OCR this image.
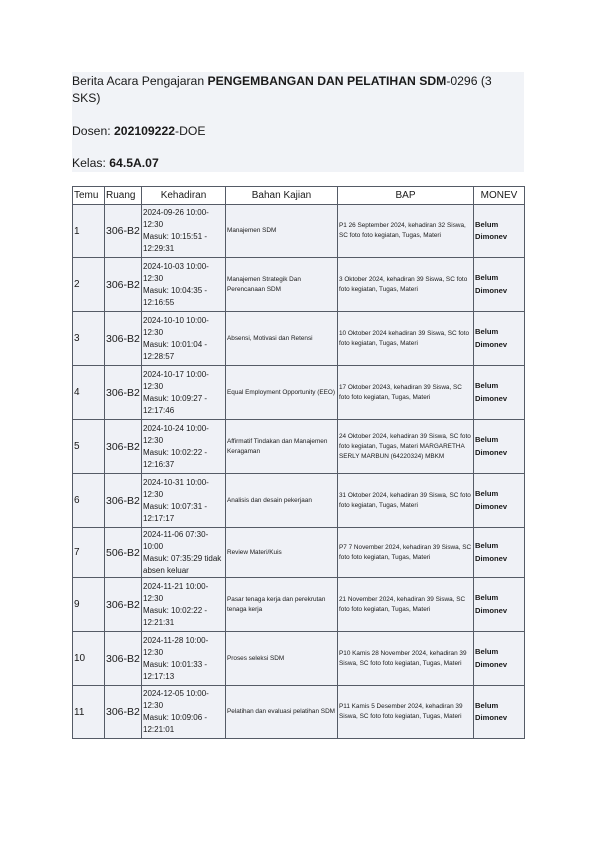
Berita Acara Pengajaran PENGEMBANGAN DAN PELATIHAN SDM-0296 (3 SKS)
Dosen: 202109222-DOE
Kelas: 64.5A.07
Temu	Ruang	Kehadiran	Bahan Kajian	BAP	MONEV
1	306-B2	2024-09-26 10:00-12:30
Masuk: 10:15:51 - 12:29:31	Manajemen SDM	P1 26 September 2024, kehadiran 32 Siswa, SC foto foto kegiatan, Tugas, Materi	Belum Dimonev
2	306-B2	2024-10-03 10:00-12:30
Masuk: 10:04:35 - 12:16:55	Manajemen Strategik Dan Perencanaan SDM	3 Oktober 2024, kehadiran 39 Siswa, SC foto foto kegiatan, Tugas, Materi	Belum Dimonev
3	306-B2	2024-10-10 10:00-12:30
Masuk: 10:01:04 - 12:28:57	Absensi, Motivasi dan Retensi	10 Oktober 2024 kehadiran 39 Siswa, SC foto foto kegiatan, Tugas, Materi	Belum Dimonev
4	306-B2	2024-10-17 10:00-12:30
Masuk: 10:09:27 - 12:17:46	Equal Employment Opportunity (EEO)	17 Oktober 20243, kehadiran 39 Siswa, SC foto foto kegiatan, Tugas, Materi	Belum Dimonev
5	306-B2	2024-10-24 10:00-12:30
Masuk: 10:02:22 - 12:16:37	Affirmatif Tindakan dan Manajemen Keragaman	24 Oktober 2024, kehadiran 39 Siswa, SC foto foto kegiatan, Tugas, Materi MARGARETHA SERLY MARBUN (64220324) MBKM	Belum Dimonev
6	306-B2	2024-10-31 10:00-12:30
Masuk: 10:07:31 - 12:17:17	Analisis dan desain pekerjaan	31 Oktober 2024, kehadiran 39 Siswa, SC foto foto kegiatan, Tugas, Materi	Belum Dimonev
7	506-B2	2024-11-06 07:30-10:00
Masuk: 07:35:29 tidak absen keluar	Review Materi/Kuis	P7 7 November 2024, kehadiran 39 Siswa, SC foto foto kegiatan, Tugas, Materi	Belum Dimonev
9	306-B2	2024-11-21 10:00-12:30
Masuk: 10:02:22 - 12:21:31	Pasar tenaga kerja dan perekrutan tenaga kerja	21 November 2024, kehadiran 39 Siswa, SC foto foto kegiatan, Tugas, Materi	Belum Dimonev
10	306-B2	2024-11-28 10:00-12:30
Masuk: 10:01:33 - 12:17:13	Proses seleksi SDM	P10 Kamis 28 November 2024, kehadiran 39 Siswa, SC foto foto kegiatan, Tugas, Materi	Belum Dimonev
11	306-B2	2024-12-05 10:00-12:30
Masuk: 10:09:06 - 12:21:01	Pelatihan dan evaluasi pelatihan SDM	P11 Kamis 5 Desember 2024, kehadiran 39 Siswa, SC foto foto kegiatan, Tugas, Materi	Belum Dimonev
